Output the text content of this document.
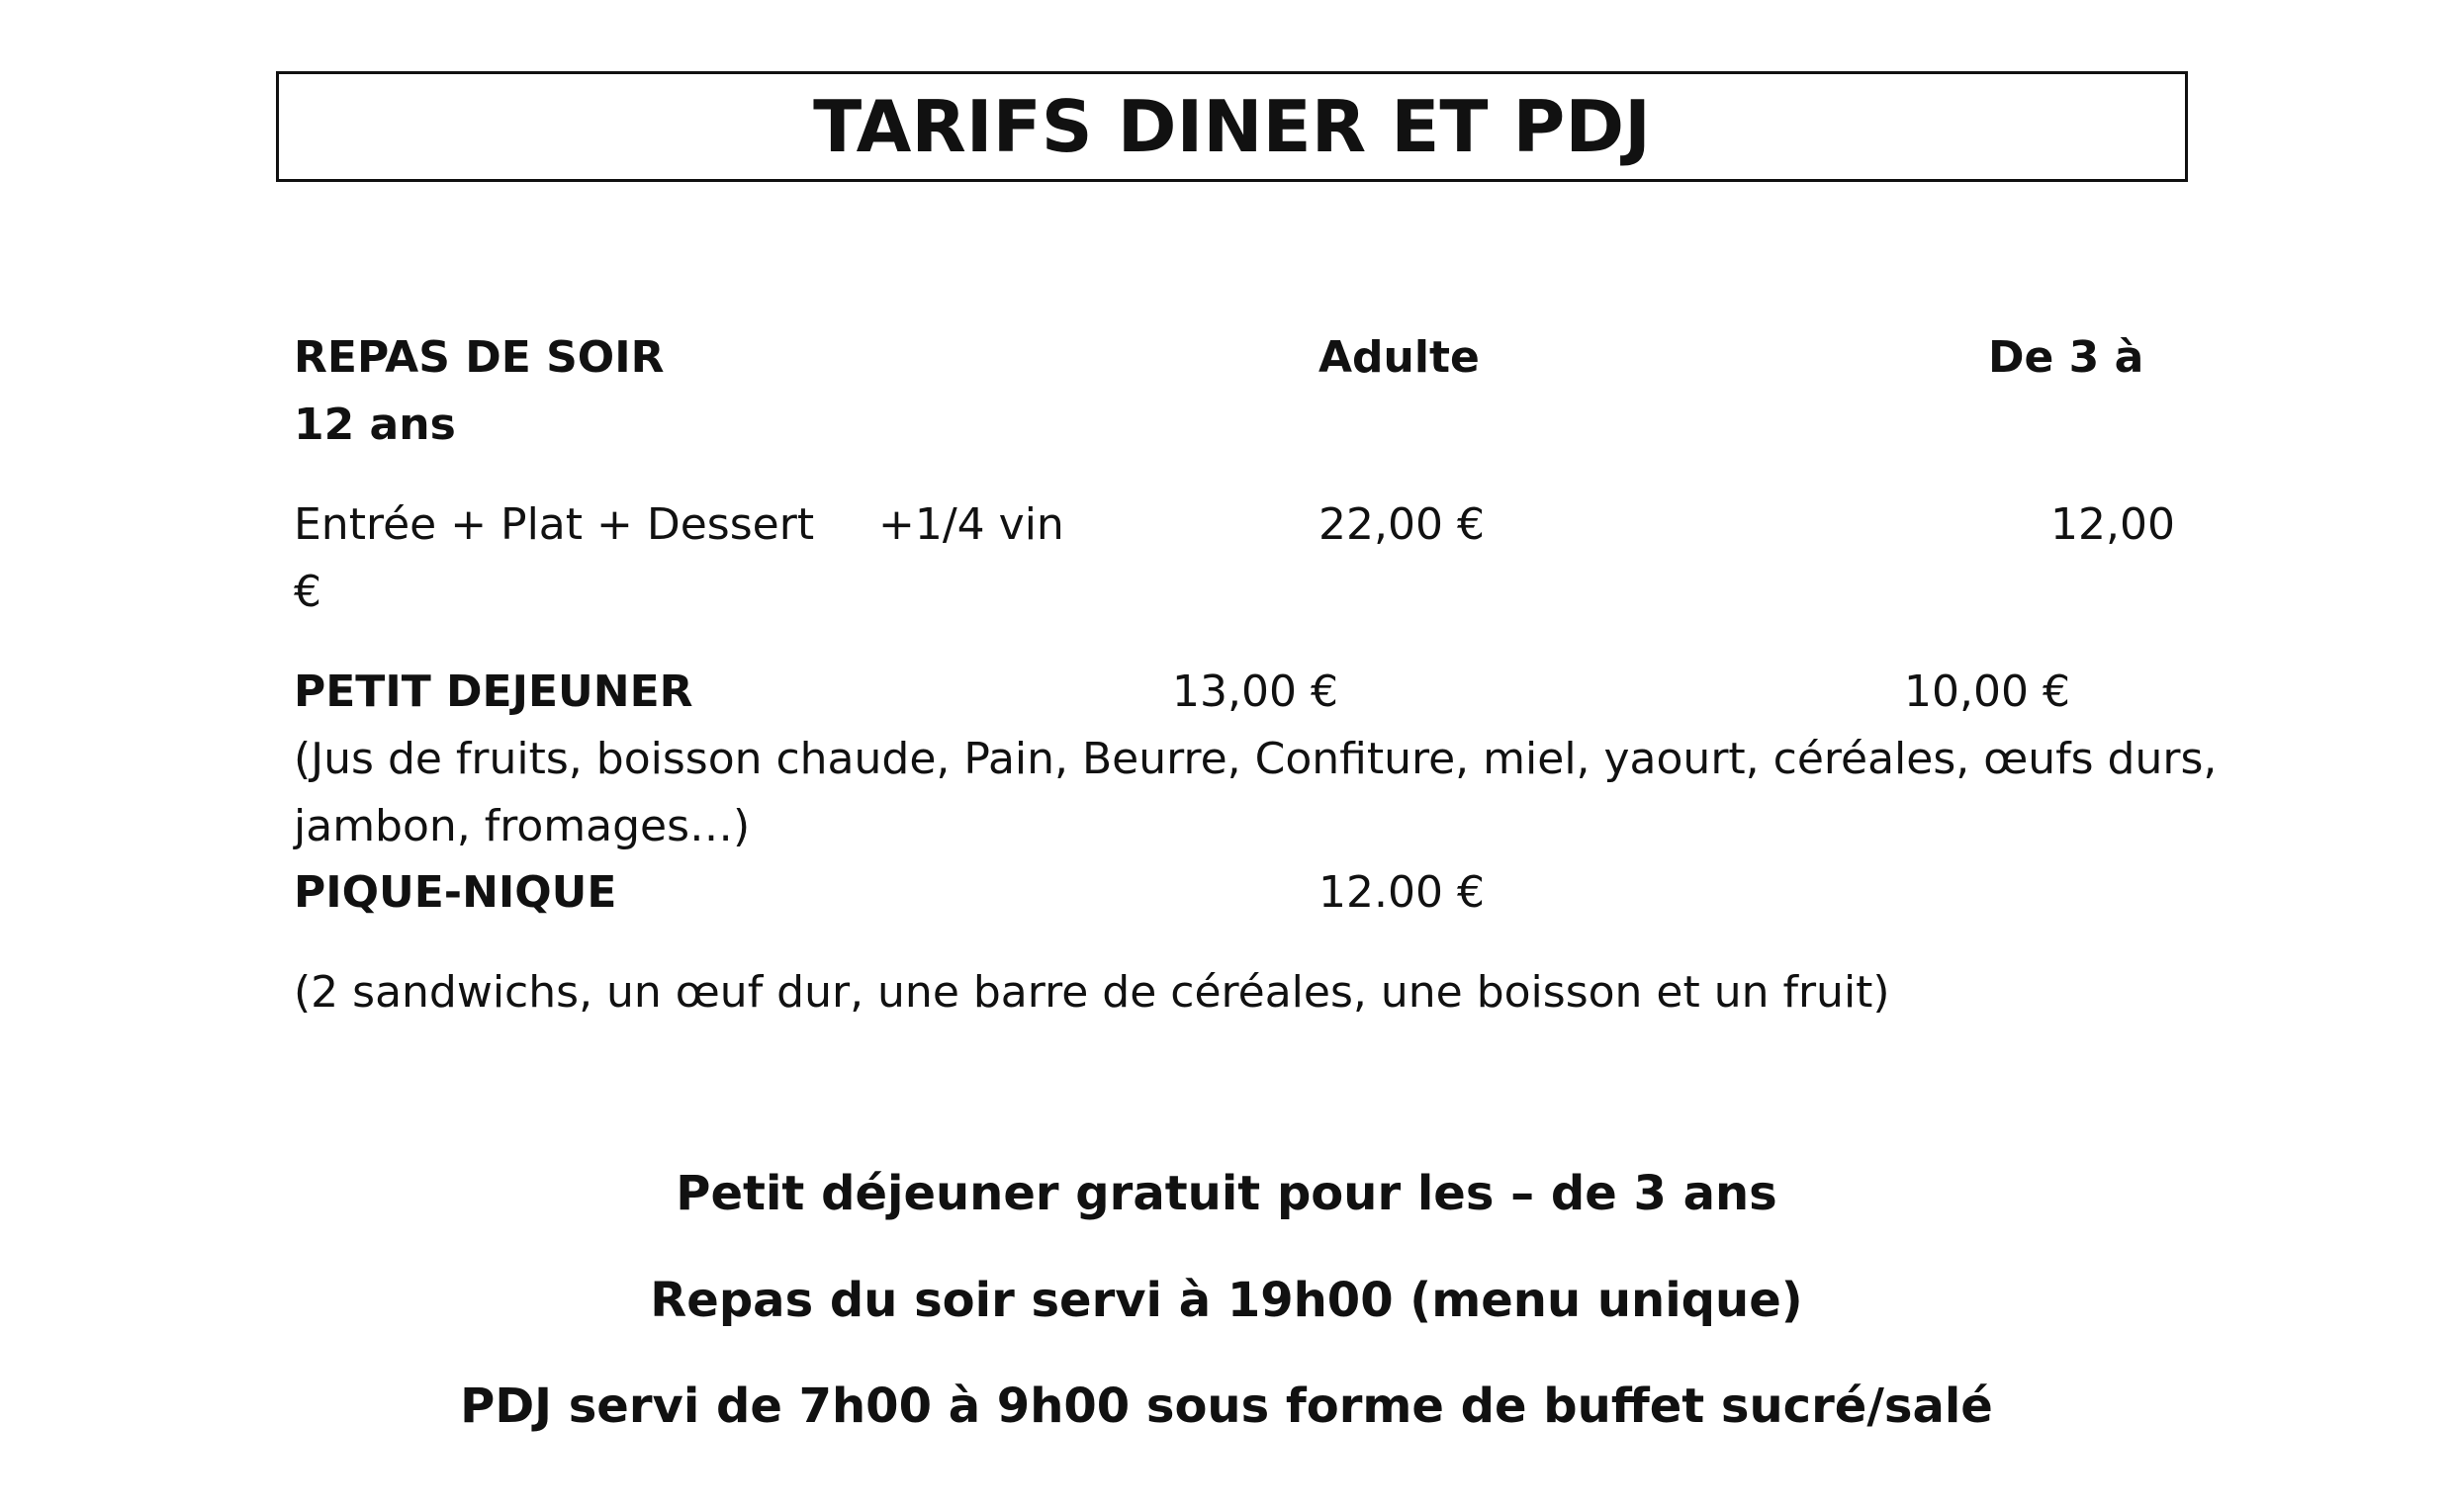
TARIFS DINER ET PDJ
REPAS DE SOIR	Adulte	De 3 à
12 ans
Entrée + Plat + Dessert +1/4 vin	22,00 €	12,00
€
PETIT DEJEUNER	13,00 €	10,00 €
(Jus de fruits, boisson chaude, Pain, Beurre, Confiture, miel, yaourt, céréales, œufs durs,
jambon, fromages…)
PIQUE-NIQUE	12.00 €
(2 sandwichs, un œuf dur, une barre de céréales, une boisson et un fruit)
Petit déjeuner gratuit pour les – de 3 ans
Repas du soir servi à 19h00 (menu unique)
PDJ servi de 7h00 à 9h00 sous forme de buffet sucré/salé
